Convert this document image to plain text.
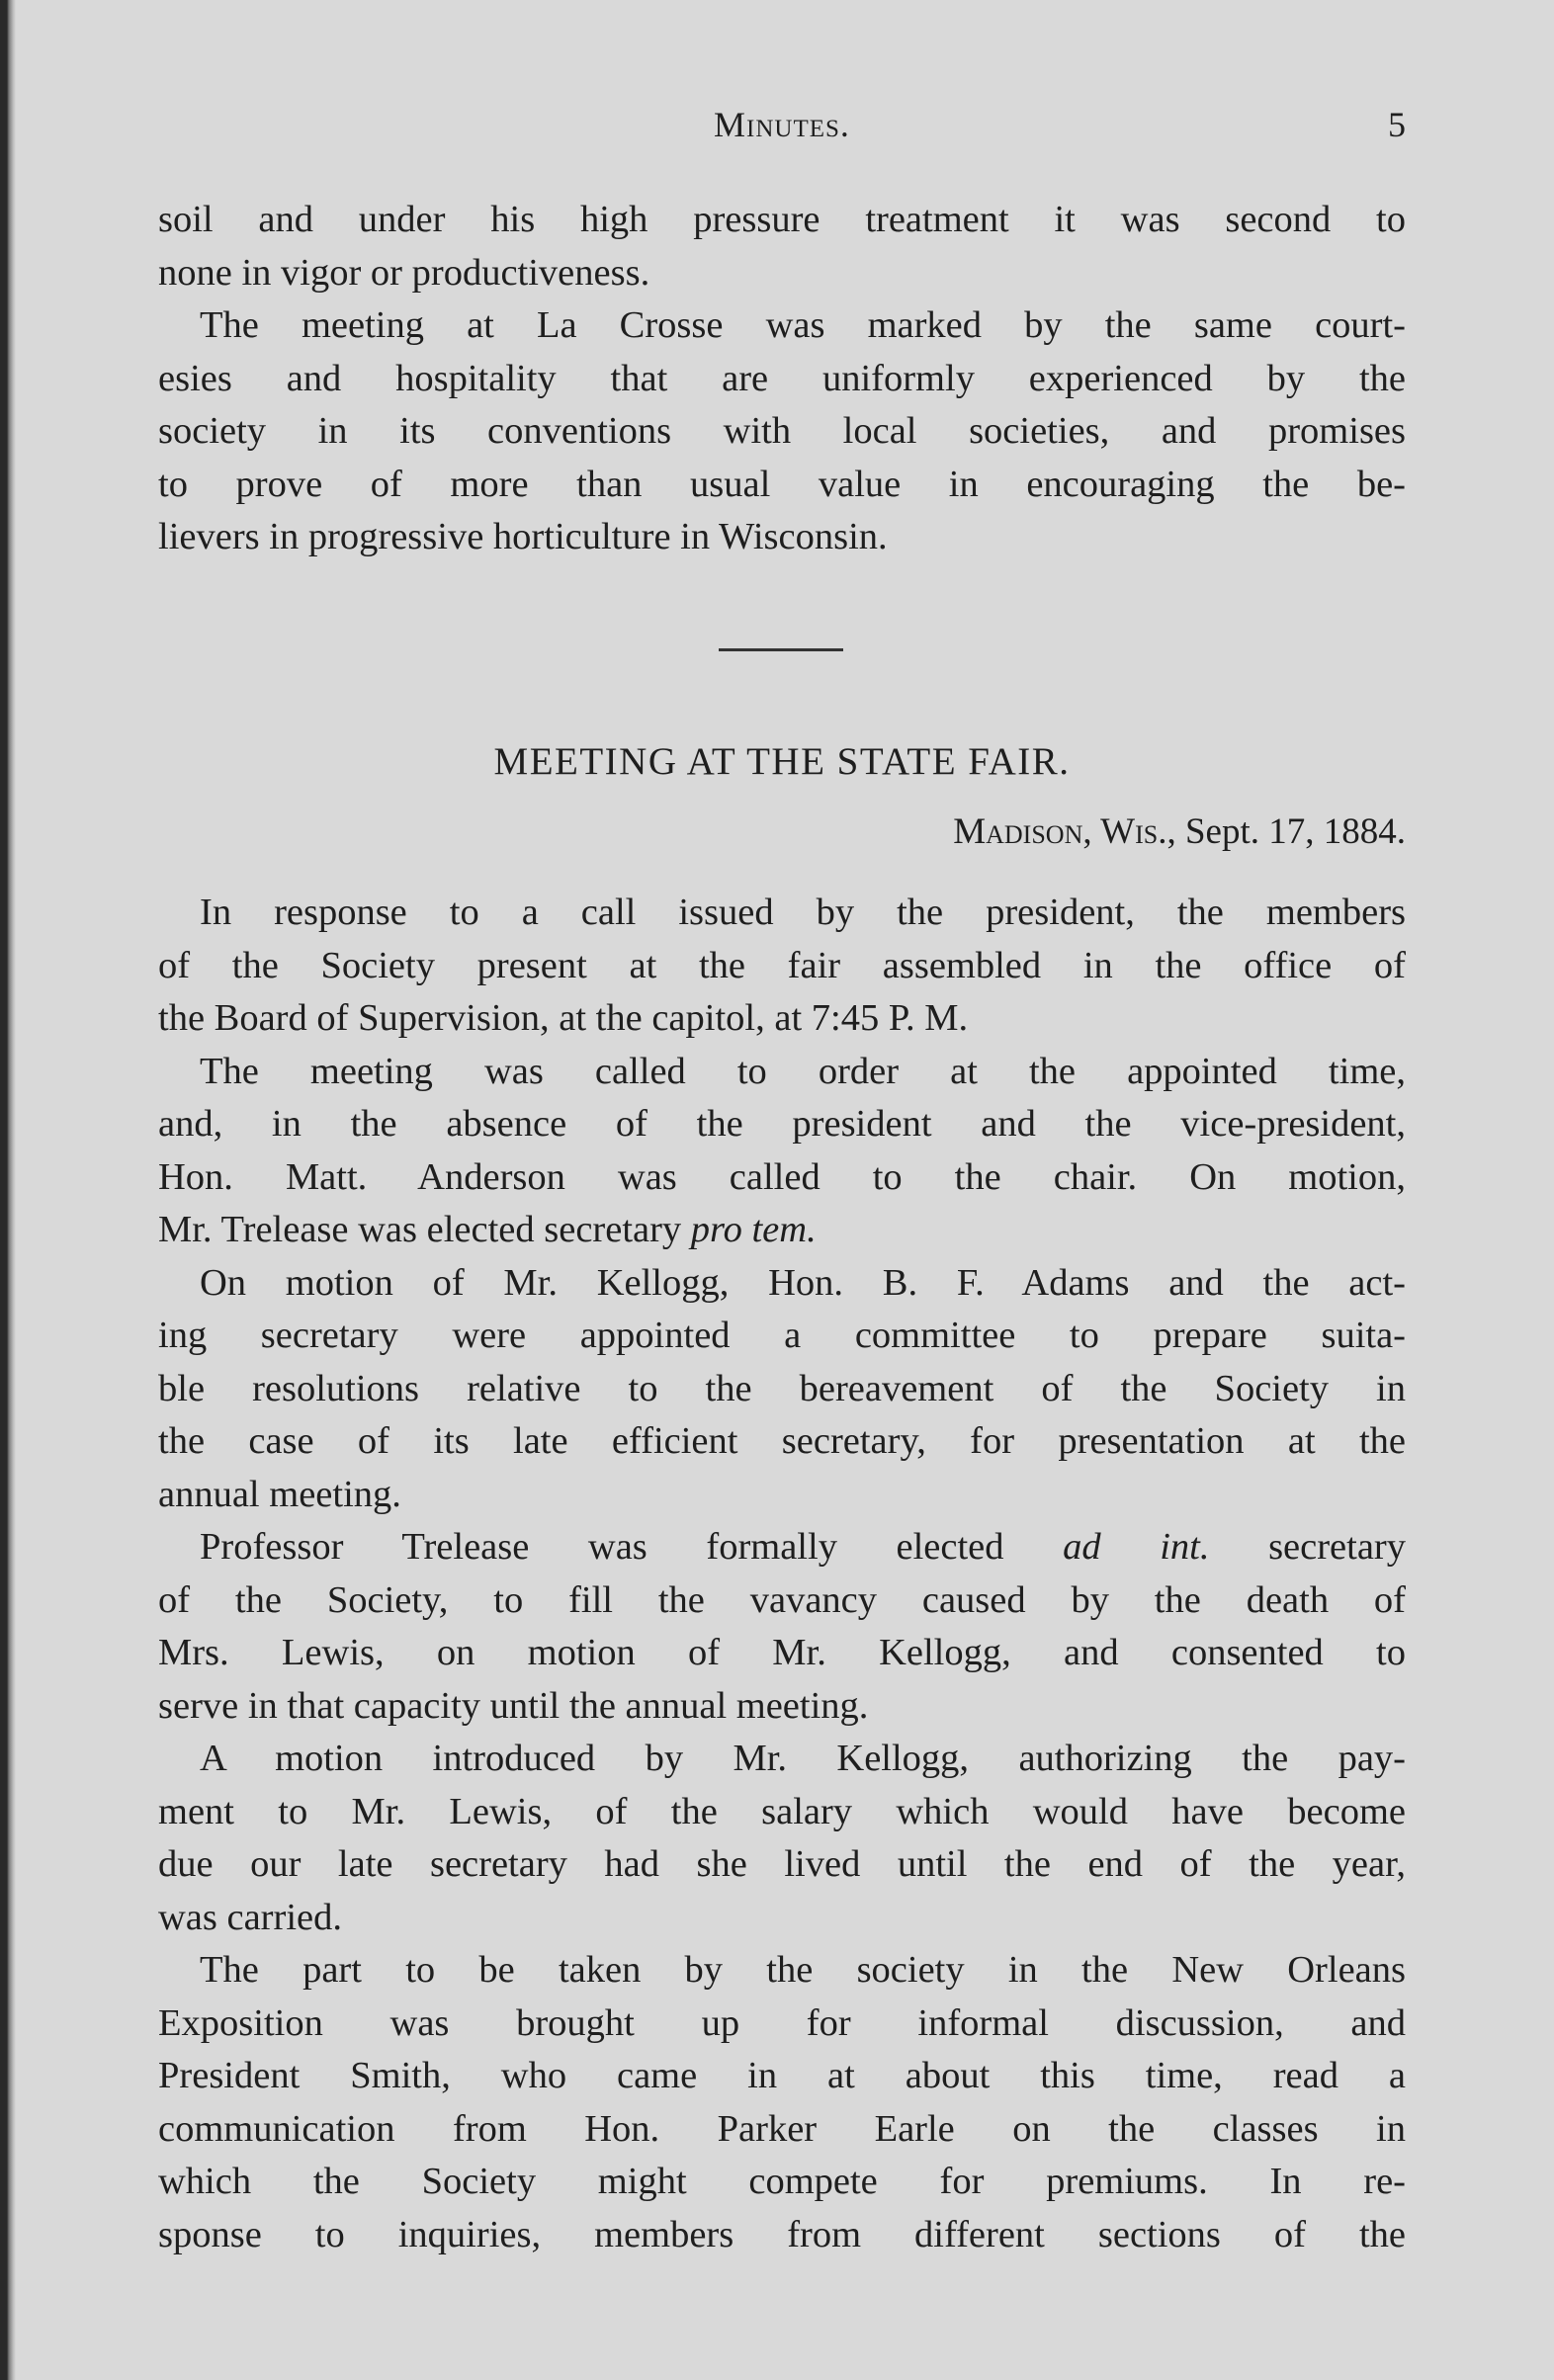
Minutes.	5
soil and under his high pressure treatment it was second to
none in vigor or productiveness.
The meeting at La Crosse was marked by the same court-
esies and hospitality that are uniformly experienced by the
society in its conventions with local societies, and promises
to prove of more than usual value in encouraging the be-
lievers in progressive horticulture in Wisconsin.
MEETING AT THE STATE FAIR.
Madison, Wis., Sept. 17, 1884.
In response to a call issued by the president, the members
of the Society present at the fair assembled in the office of
the Board of Supervision, at the capitol, at 7:45 P. M.
The meeting was called to order at the appointed time,
and, in the absence of the president and the vice-president,
Hon. Matt. Anderson was called to the chair. On motion,
Mr. Trelease was elected secretary pro tem.
On motion of Mr. Kellogg, Hon. B. F. Adams and the act-
ing secretary were appointed a committee to prepare suita-
ble resolutions relative to the bereavement of the Society in
the case of its late efficient secretary, for presentation at the
annual meeting.
Professor Trelease was formally elected ad int. secretary
of the Society, to fill the vavancy caused by the death of
Mrs. Lewis, on motion of Mr. Kellogg, and consented to
serve in that capacity until the annual meeting.
A motion introduced by Mr. Kellogg, authorizing the pay-
ment to Mr. Lewis, of the salary which would have become
due our late secretary had she lived until the end of the year,
was carried.
The part to be taken by the society in the New Orleans
Exposition was brought up for informal discussion, and
President Smith, who came in at about this time, read a
communication from Hon. Parker Earle on the classes in
which the Society might compete for premiums. In re-
sponse to inquiries, members from different sections of the
